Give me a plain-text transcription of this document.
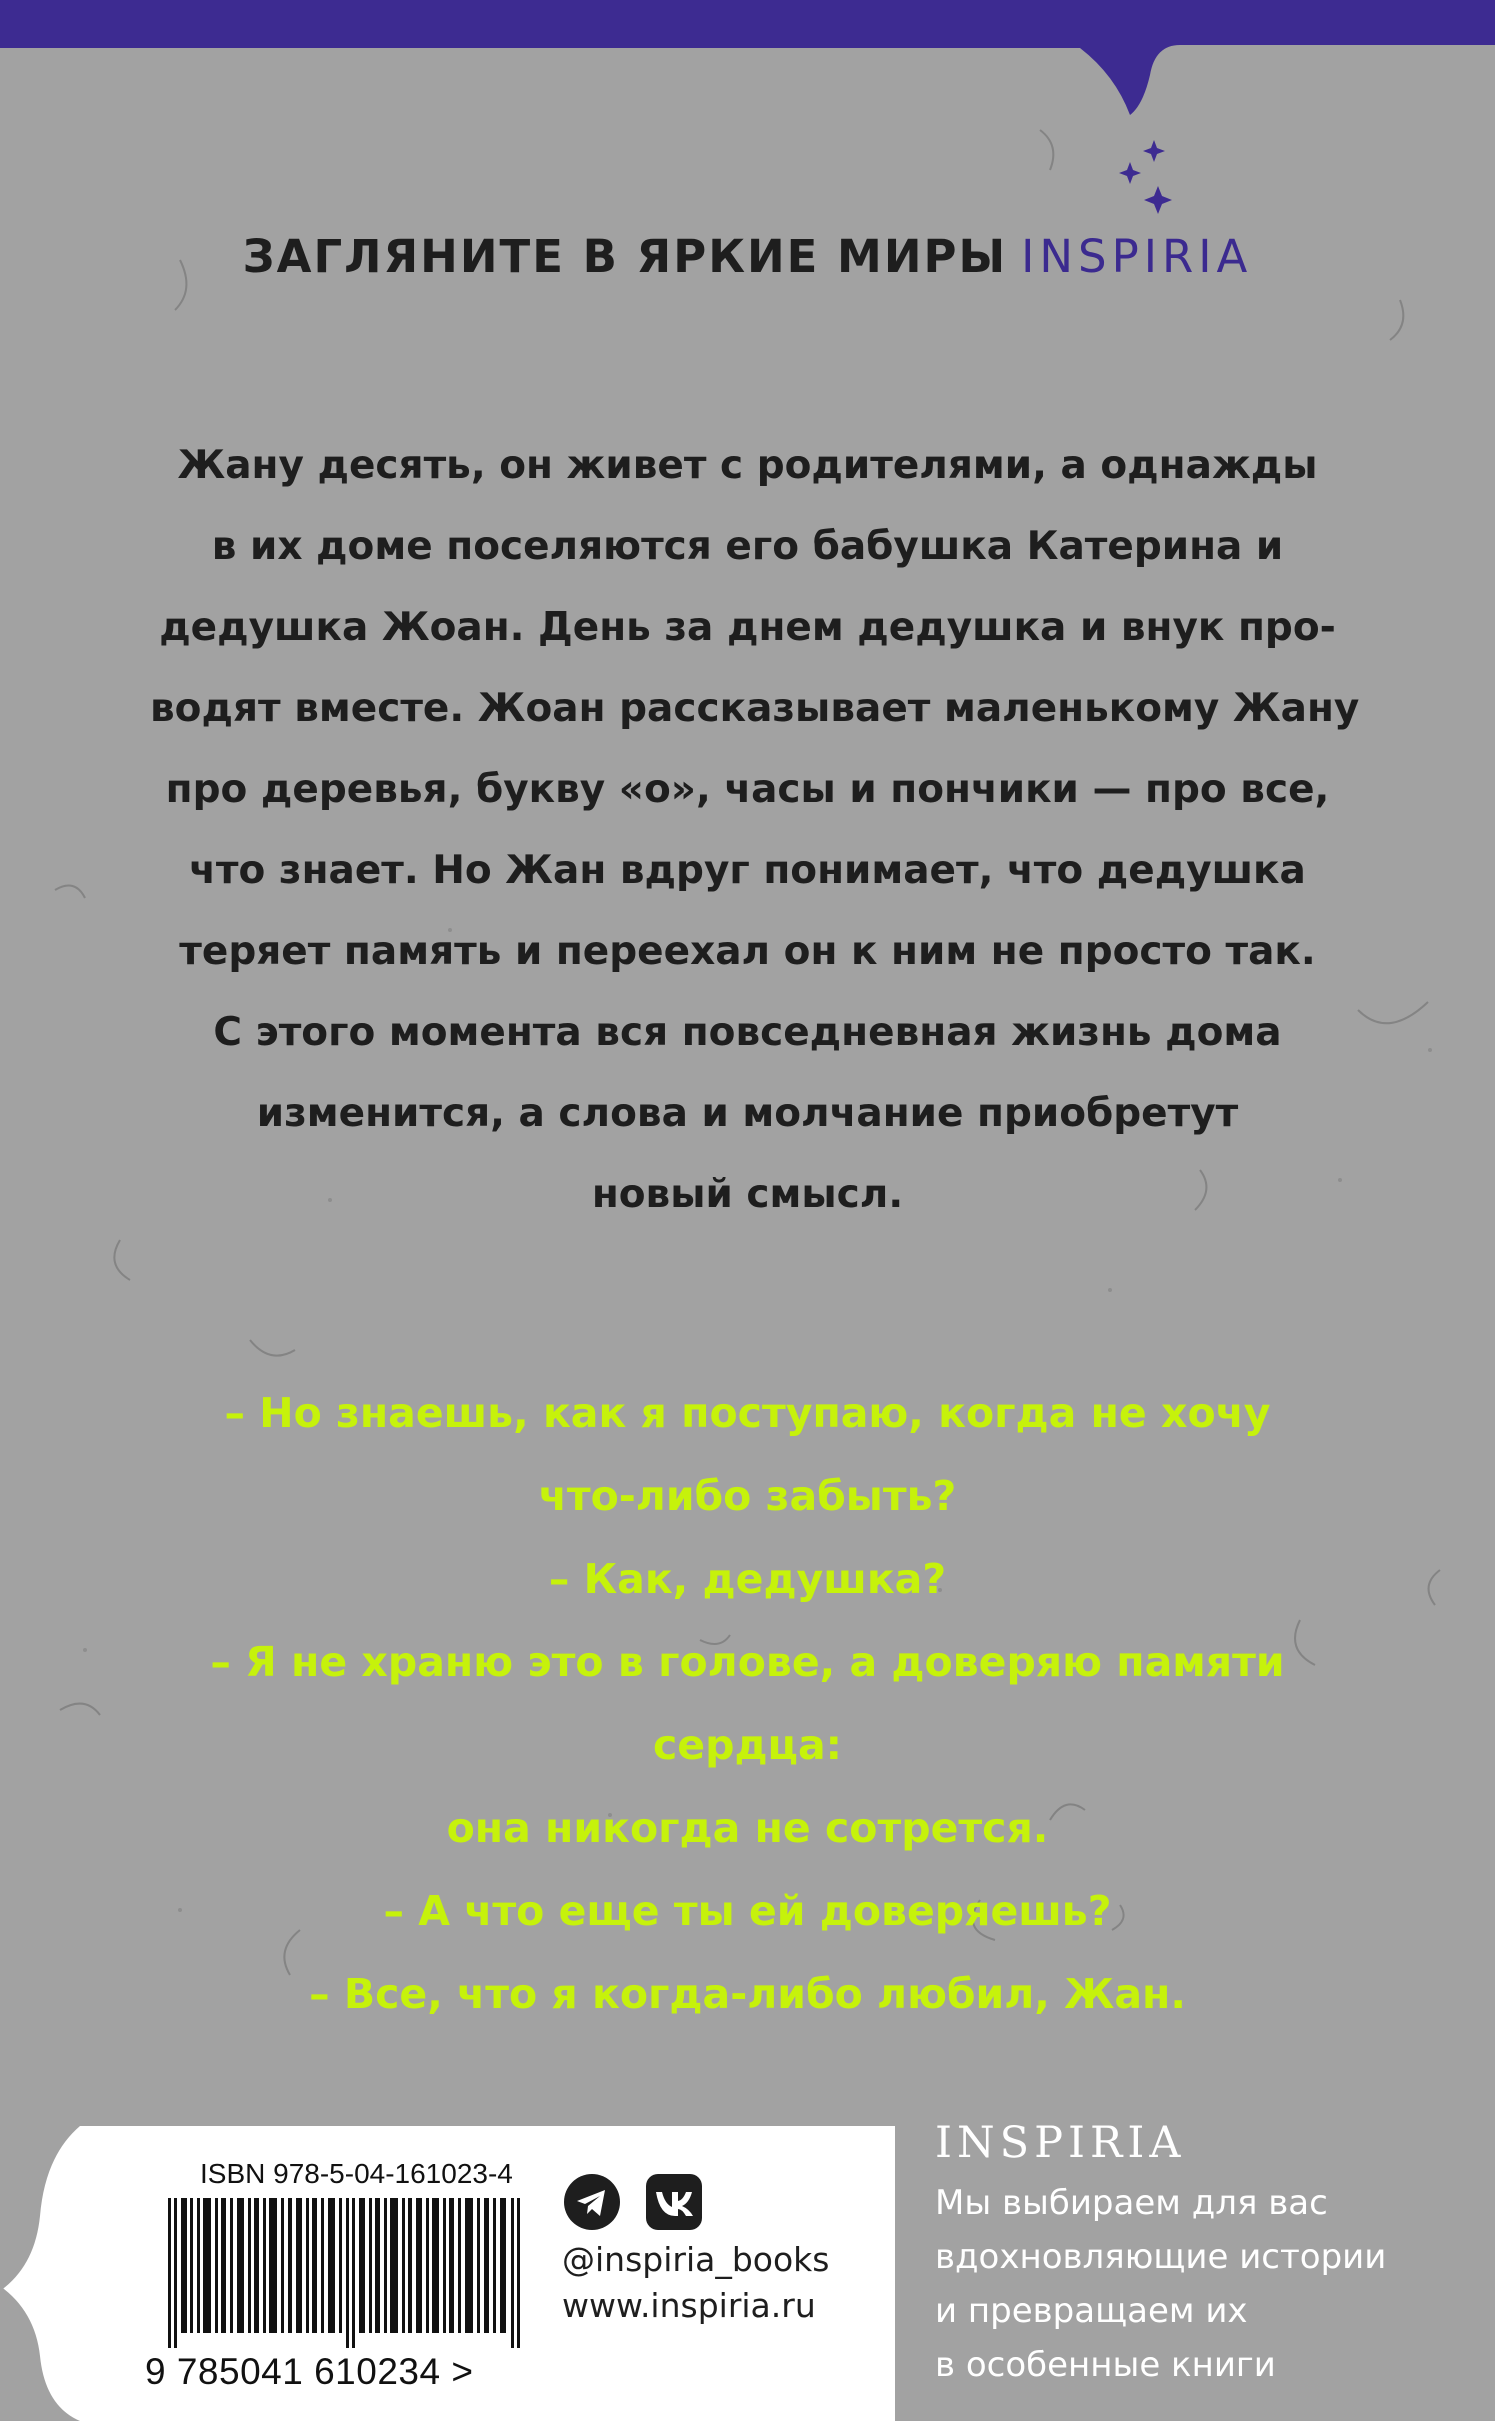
ЗАГЛЯНИТЕ В ЯРКИЕ МИРЫ INSPIRIA
Жану десять, он живет с родителями, а однажды
в их доме поселяются его бабушка Катерина и
дедушка Жоан. День за днем дедушка и внук про-
водят вместе. Жоан рассказывает маленькому Жану
про деревья, букву «о», часы и пончики — про все,
что знает. Но Жан вдруг понимает, что дедушка
теряет память и переехал он к ним не просто так.
С этого момента вся повседневная жизнь дома
изменится, а слова и молчание приобретут
новый смысл.
– Но знаешь, как я поступаю, когда не хочу
что-либо забыть?
– Как, дедушка?
– Я не храню это в голове, а доверяю памяти
сердца:
она никогда не сотрется.
– А что еще ты ей доверяешь?
– Все, что я когда-либо любил, Жан.
ISBN 978-5-04-161023-4
9 785041 610234 >
@inspiria_books
www.inspiria.ru
INSPIRIA
Мы выбираем для вас
вдохновляющие истории
и превращаем их
в особенные книги
